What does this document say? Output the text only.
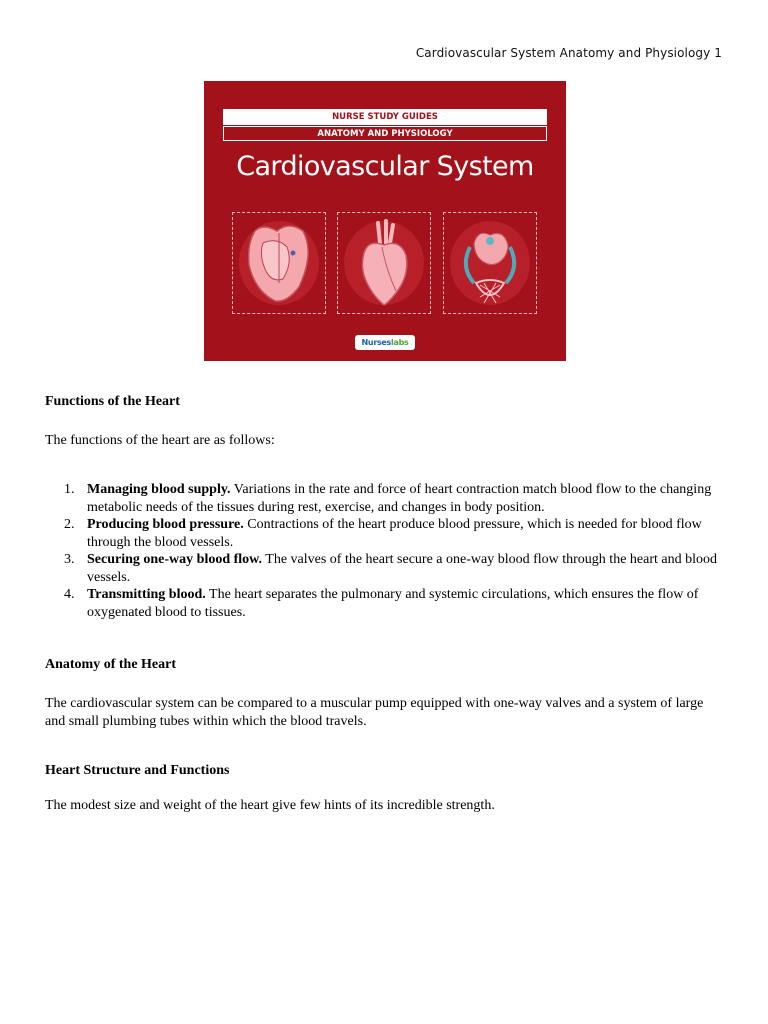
Cardiovascular System Anatomy and Physiology 1
NURSE STUDY GUIDES
ANATOMY AND PHYSIOLOGY
Cardiovascular System
Nurseslabs
Functions of the Heart
The functions of the heart are as follows:
1. Managing blood supply. Variations in the rate and force of heart contraction match blood flow to the changing metabolic needs of the tissues during rest, exercise, and changes in body position.
2. Producing blood pressure. Contractions of the heart produce blood pressure, which is needed for blood flow through the blood vessels.
3. Securing one-way blood flow. The valves of the heart secure a one-way blood flow through the heart and blood vessels.
4. Transmitting blood. The heart separates the pulmonary and systemic circulations, which ensures the flow of oxygenated blood to tissues.
Anatomy of the Heart
The cardiovascular system can be compared to a muscular pump equipped with one-way valves and a system of large and small plumbing tubes within which the blood travels.
Heart Structure and Functions
The modest size and weight of the heart give few hints of its incredible strength.
